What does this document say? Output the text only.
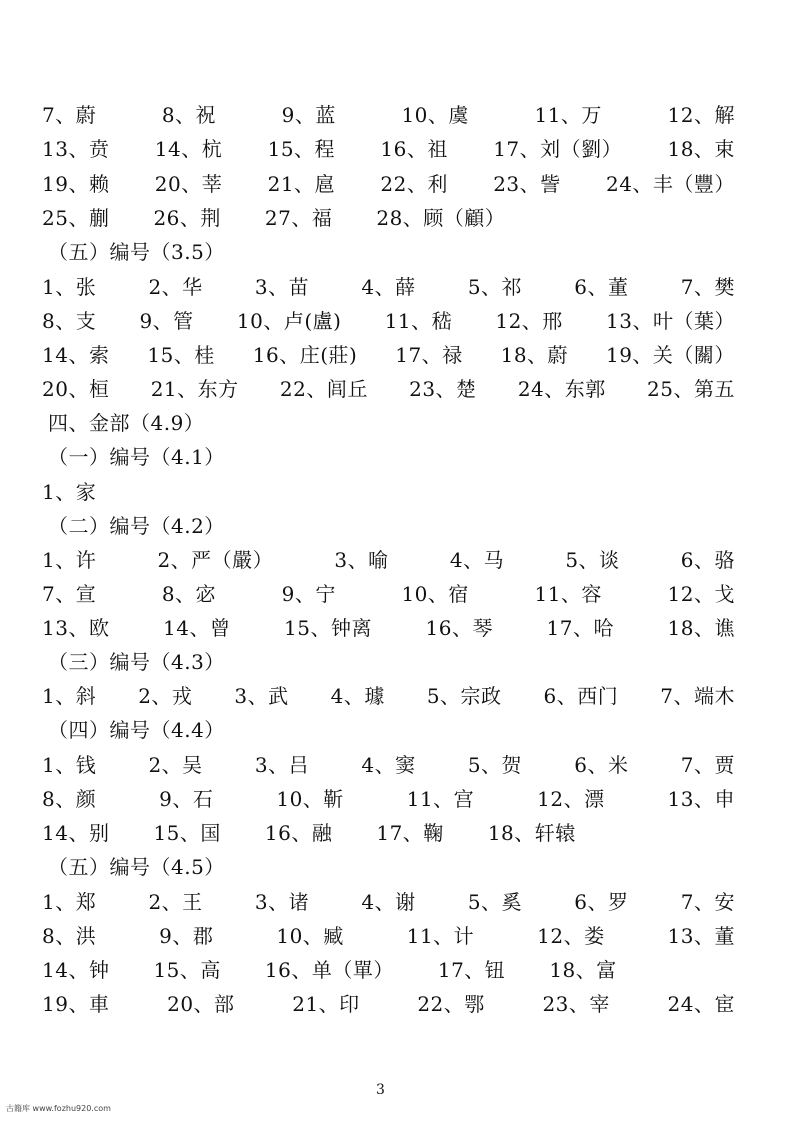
7、蔚	8、祝	9、蓝	10、虞	11、万	12、解
13、贲 14、杭 15、程 16、祖 17、刘（劉） 18、束
19、赖 20、莘 21、扈 22、利 23、訾 24、丰（豐）
25、蒯 26、荆 27、福 28、顾（顧）
（五）编号（3.5）
1、张	2、华	3、苗	4、薛	5、祁	6、董	7、樊
8、支 9、管 10、卢(盧) 11、嵇 12、邢 13、叶（葉）
14、索 15、桂 16、庄(莊) 17、禄 18、蔚 19、关（關）
20、桓 21、东方 22、闾丘 23、楚 24、东郭 25、第五
四、金部（4.9）
（一）编号（4.1）
1、家
（二）编号（4.2）
1、许	2、严（嚴）	3、喻	4、马	5、谈	6、骆
7、宣	8、宓	9、宁	10、宿	11、容	12、戈
13、欧	14、曾	15、钟离	16、琴	17、哈	18、谯
（三）编号（4.3）
1、斜 2、戎 3、武 4、璩 5、宗政 6、西门 7、端木
（四）编号（4.4）
1、钱	2、吴	3、吕	4、窦	5、贺	6、米	7、贾
8、颜	9、石	10、靳	11、宫	12、漂	13、申
14、别 15、国 16、融 17、鞠 18、轩辕
（五）编号（4.5）
1、郑	2、王	3、诸	4、谢	5、奚	6、罗	7、安
8、洪	9、郡	10、臧	11、计	12、娄	13、董
14、钟 15、高 16、单（單） 17、钮 18、富
19、車	20、部	21、印	22、鄂	23、宰	24、宦
3
古籍库 www.fozhu920.com
